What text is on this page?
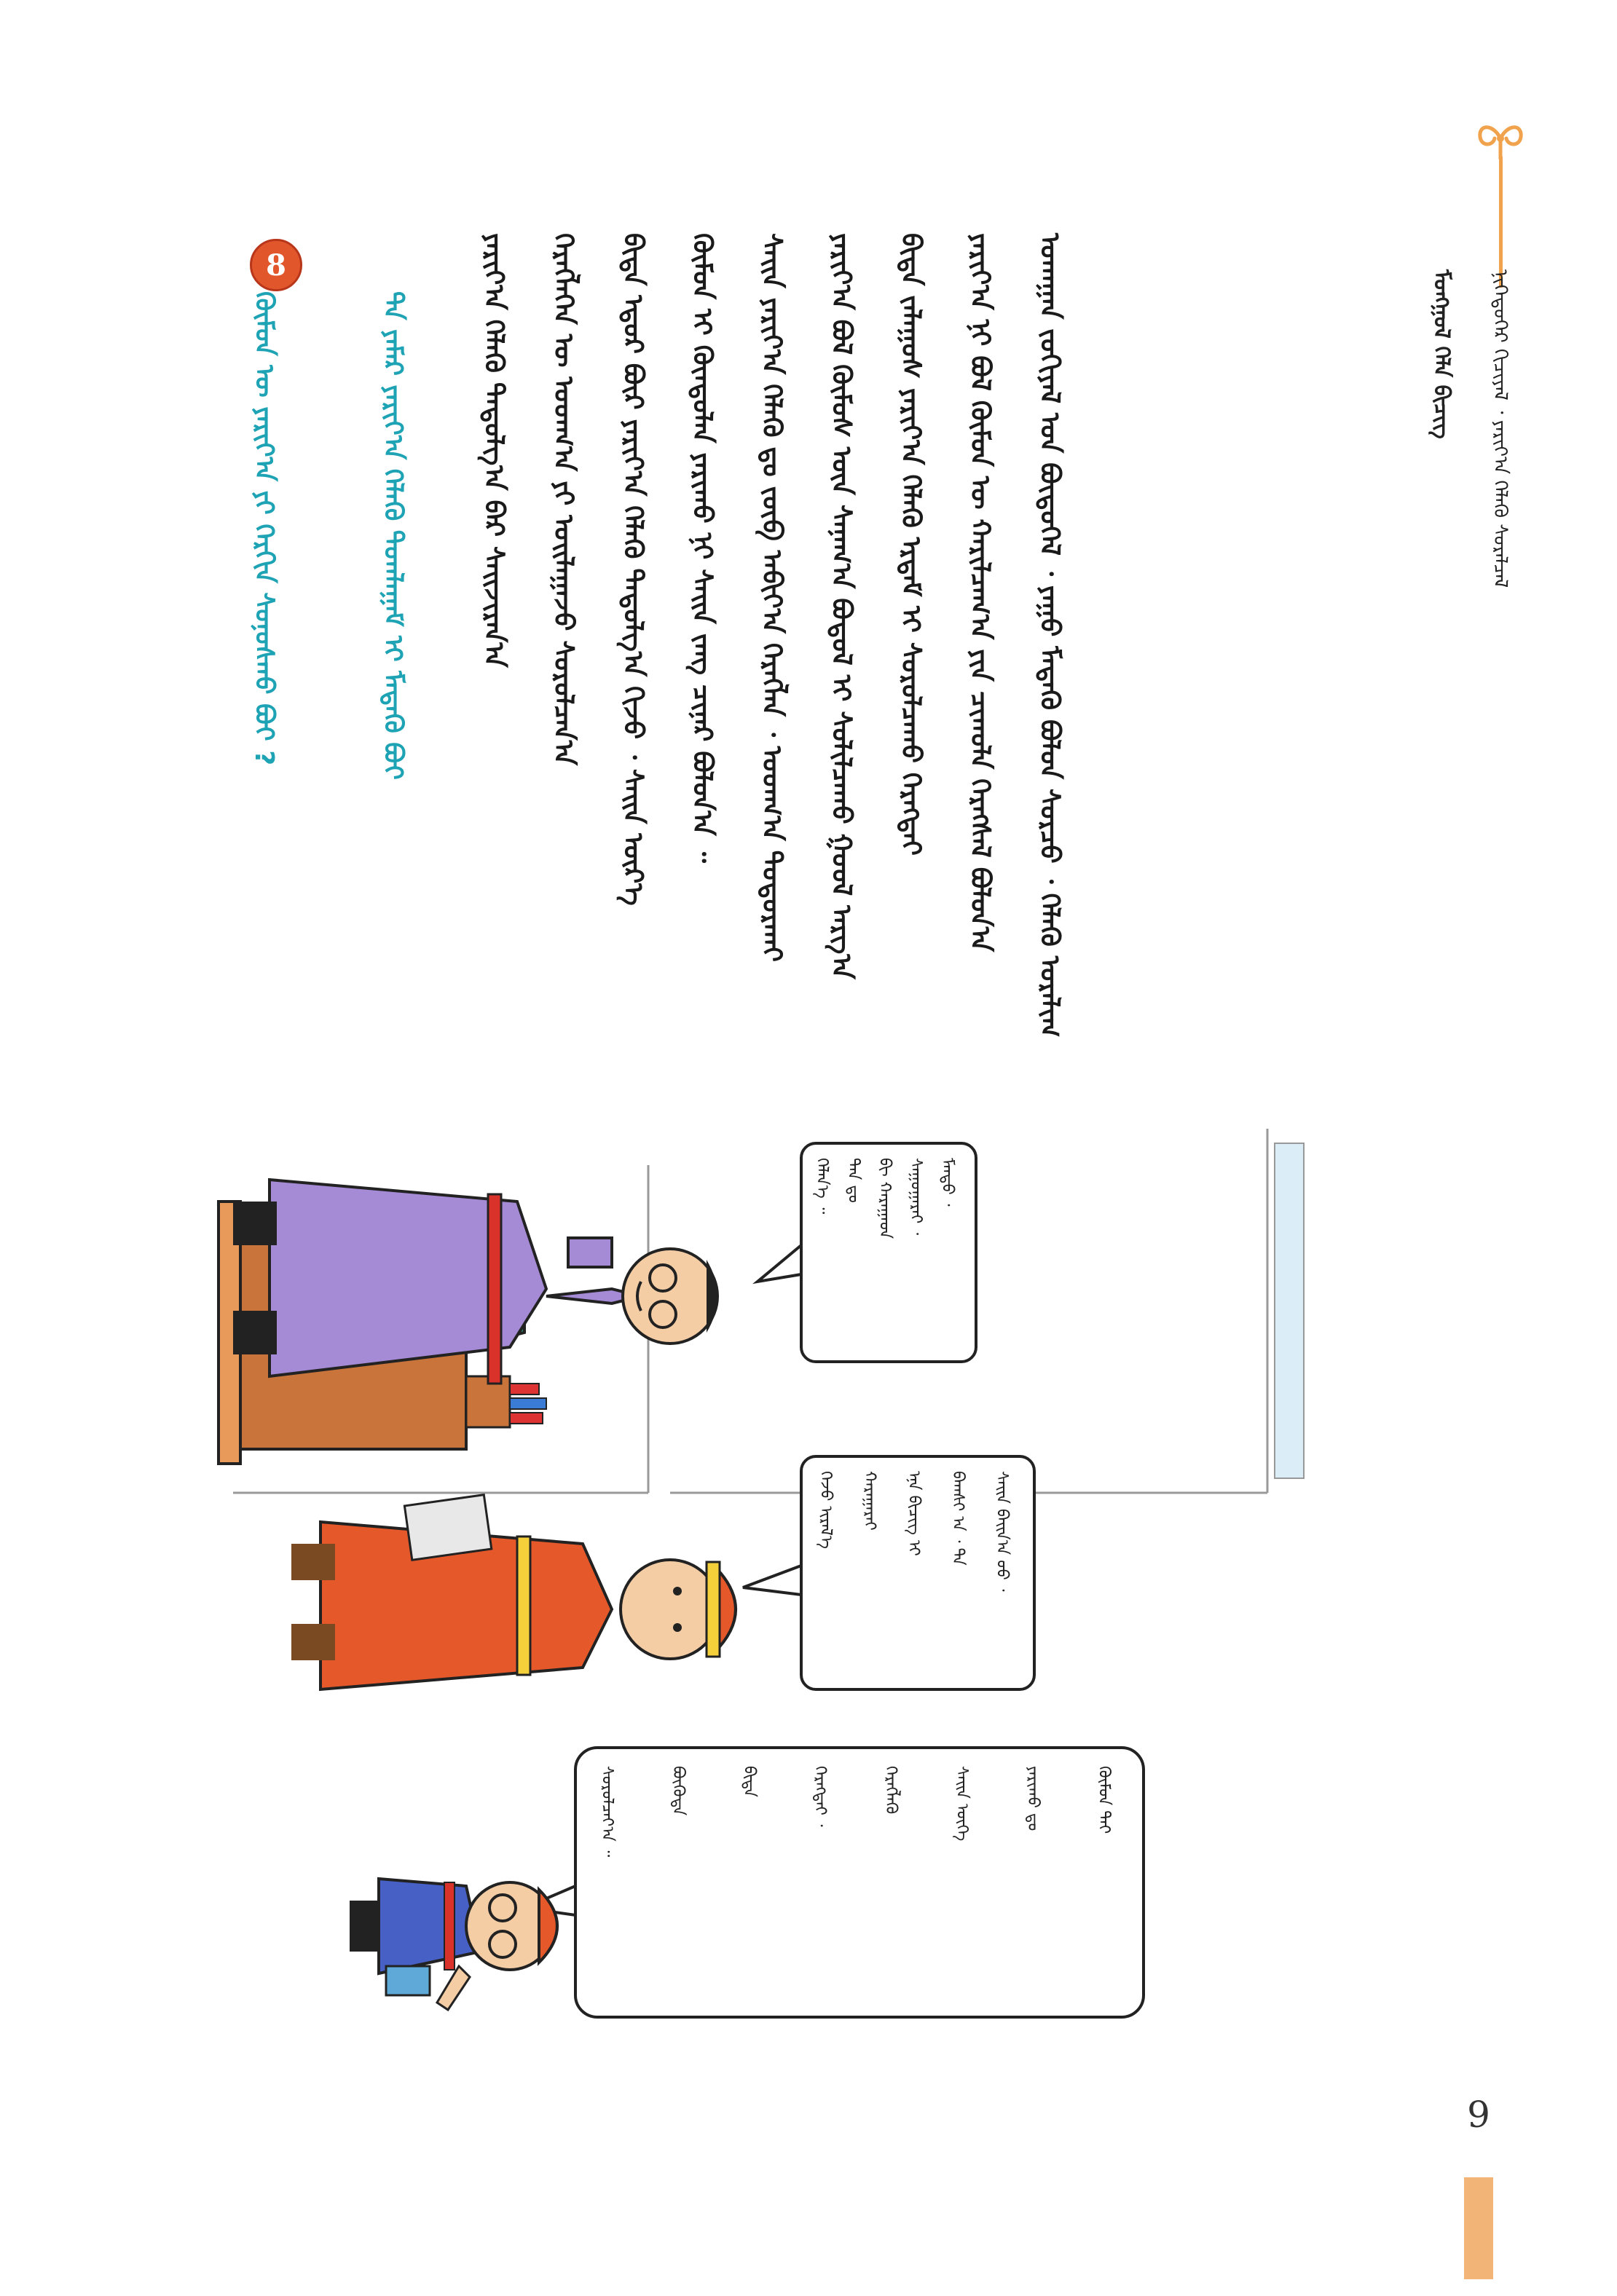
ᠮᠣᠩᠭᠣᠯ ᠬᠡᠯᠡ ᠪᠢᠴᠢᠭ	ᠨᠢᠭᠡᠳᠦᠭᠡᠷ ᠬᠢᠴᠢᠶᠡᠯ ᠂ ᠶᠠᠷᠢᠶ᠎ᠠ ᠬᠡᠯᠡᠬᠦ ᠰᠤᠷᠠᠯᠴᠠᠯ
ᠤᠬᠠᠭᠠᠨ ᠵᠣᠬᠢᠶᠠᠯ ᠤᠨ ᠪᠦᠲᠦᠭᠡᠯ ᠂ ᠶᠠᠭᠤ ᠮᠡᠳᠡᠬᠦ ᠪᠣᠯᠤᠨ ᠰᠤᠷᠴᠤ ᠂ ᠬᠡᠯᠡᠬᠦ ᠤᠷᠠᠯᠢᠭ
ᠶᠠᠷᠢᠶ᠎ᠠ ᠨᠢ ᠪᠣᠯ ᠬᠦᠮᠦᠨ ᠦ ᠬᠠᠷᠢᠯᠴᠠᠭ᠎ᠠ ᠶᠢᠨ ᠴᠢᠬᠤᠯᠠ ᠬᠡᠷᠡᠭᠰᠡᠯ ᠪᠣᠯᠤᠨ᠎ᠠ
ᠪᠢᠳᠡ ᠵᠠᠯᠠᠭᠤᠰ ᠶᠠᠷᠢᠶ᠎ᠠ ᠬᠡᠯᠡᠬᠦ ᠡᠷᠳᠡᠮ ᠢ ᠰᠤᠷᠤᠯᠴᠠᠬᠤ ᠬᠡᠷᠡᠭᠲᠡᠢ
ᠶᠠᠷᠢᠶ᠎ᠠ ᠪᠣᠯ ᠬᠦᠮᠦᠰ ᠦᠨ ᠰᠠᠨᠠᠭ᠎ᠠ ᠪᠣᠳᠤᠯ ᠢ ᠰᠣᠯᠢᠯᠴᠠᠬᠤ ᠭᠣᠤᠯ ᠠᠷᠭ᠎ᠠ
ᠰᠠᠢᠨ ᠶᠠᠷᠢᠶ᠎ᠠ ᠬᠡᠯᠡᠬᠦ ᠳᠤ ᠵᠥᠪ ᠠᠪᠢᠶ᠎ᠠ ᠬᠡᠷᠡᠭᠯᠡᠨ ᠂ ᠤᠳᠬ᠎ᠠ ᠲᠣᠳᠣᠷᠬᠠᠢ
ᠬᠦᠮᠦᠨ ᠢ ᠬᠦᠨᠳᠦᠯᠡᠨ ᠶᠠᠷᠢᠬᠤ ᠨᠢ ᠰᠠᠢᠨ ᠵᠠᠩ ᠴᠢᠨᠠᠷ ᠪᠣᠯᠤᠨ᠎ᠠ ᠃
ᠪᠢᠳᠡ ᠡᠳᠦᠷ ᠪᠦᠷ ᠶᠠᠷᠢᠶ᠎ᠠ ᠬᠡᠯᠡᠬᠦ ᠳᠠᠳᠤᠯᠭ᠎ᠠ ᠬᠢᠵᠦ ᠂ ᠰᠠᠢᠨ ᠦᠷ᠎ᠡ
ᠬᠡᠷᠡᠭᠯᠡᠭᠡᠨ ᠦ ᠤᠳᠬ᠎ᠠ ᠶᠢ ᠣᠢᠯᠠᠭᠠᠵᠤ ᠰᠤᠷᠤᠯᠴᠠᠨ᠎ᠠ
ᠶᠠᠷᠢᠶ᠎ᠠ ᠬᠡᠯᠡᠬᠦ ᠳᠠᠳᠤᠯᠭ᠎ᠠ ᠪᠠᠷ ᠰᠠᠢᠵᠢᠷᠠᠨ᠎ᠠ
8
ᠲᠠ ᠶᠠᠮᠠᠷ ᠶᠠᠷᠢᠶ᠎ᠠ ᠬᠡᠯᠡᠬᠦ ᠲᠣᠭᠯᠠᠭᠠᠮ ᠢ ᠮᠡᠳᠡᠬᠦ ᠪᠤᠢ
ᠬᠦᠮᠦᠨ ᠦ ᠶᠠᠷᠢᠶ᠎ᠠ ᠶᠢ ᠬᠡᠷᠬᠢᠨ ᠰᠣᠨᠣᠰᠬᠤ ᠪᠤᠢ ?
ᠮᠡᠨᠳᠦ ᠂
ᠰᠠᠭᠤᠭᠠᠷᠠᠢ ᠂
ᠪᠢ ᠬᠠᠷᠠᠭᠠᠳ
ᠲᠠᠨ ᠳᠤ
ᠬᠡᠯᠡᠨ᠎ᠡ ᠃
ᠰᠠᠢᠨ ᠪᠠᠢᠨ᠎ᠠ ᠤᠤ ᠂
ᠪᠠᠭᠰᠢ ᠠ ᠂ ᠲᠠ
ᠡᠨᠡ ᠪᠢᠴᠢᠭ ᠢ
ᠬᠠᠷᠠᠭᠠᠷᠠᠢ
ᠭᠡᠵᠦ ᠢᠷᠡᠯ᠎ᠡ
ᠬᠦᠮᠦᠨ ᠲᠡᠢ
ᠶᠠᠷᠢᠬᠤ ᠳᠤ
ᠰᠠᠢᠨ ᠦᠭᠡ
ᠬᠡᠷᠡᠭᠯᠡᠬᠦ
ᠬᠡᠷᠡᠭᠲᠡᠢ ᠂
ᠪᠢᠳᠡ
ᠪᠦᠭᠦᠳᠡ
ᠰᠤᠷᠤᠯᠴᠠᠶ᠎ᠠ ᠃
9
